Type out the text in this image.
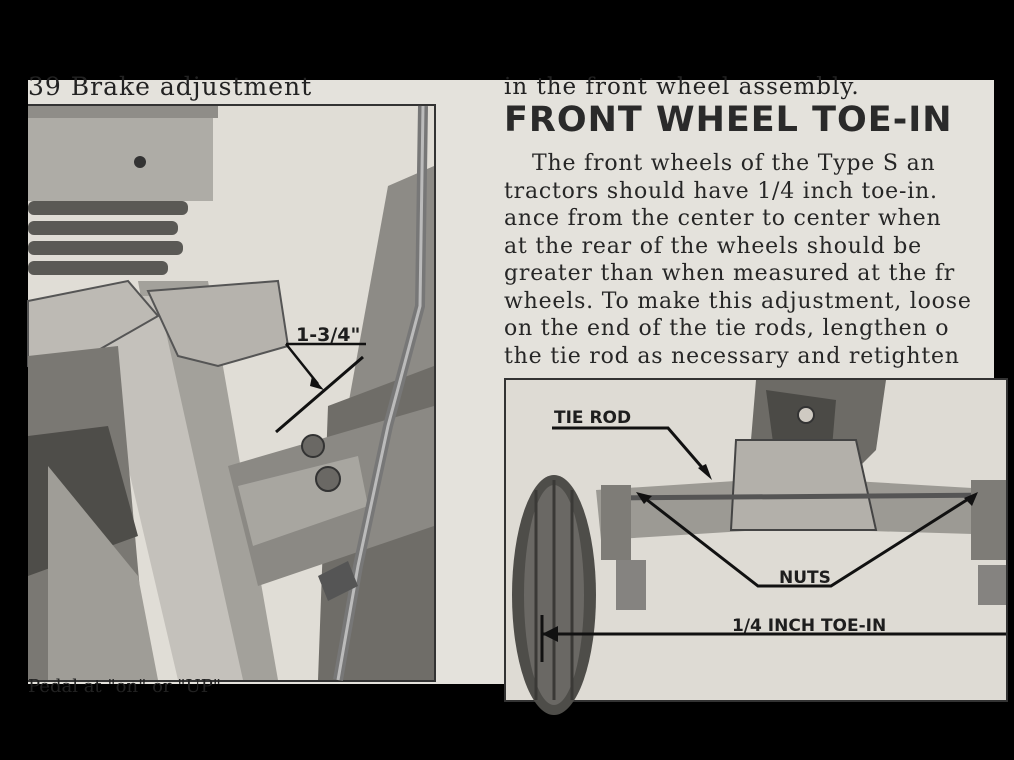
39 Brake adjustment
1-3/4"
Pedal at "on" or "UP"
in the front wheel assembly.
FRONT WHEEL TOE-IN
The front wheels of the Type S an
tractors should have 1/4 inch toe-in.
ance from the center to center when
at the rear of the wheels should be
greater than when measured at the fr
wheels. To make this adjustment, loose
on the end of the tie rods, lengthen o
the tie rod as necessary and retighten
TIE ROD
NUTS
1/4 INCH TOE-IN
